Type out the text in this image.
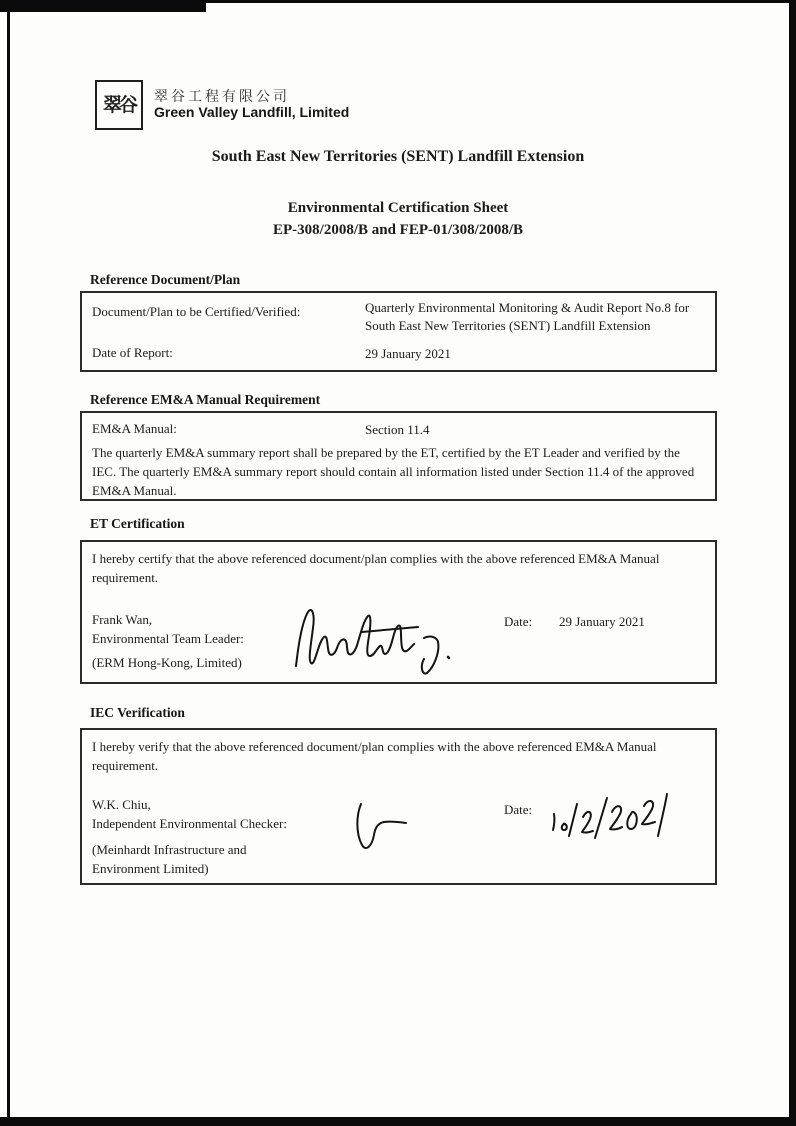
翠谷 翠谷工程有限公司
Green Valley Landfill, Limited
South East New Territories (SENT) Landfill Extension
Environmental Certification Sheet
EP-308/2008/B and FEP-01/308/2008/B
Reference Document/Plan
Document/Plan to be Certified/Verified:	Quarterly Environmental Monitoring & Audit Report No.8 for South East New Territories (SENT) Landfill Extension
Date of Report:	29 January 2021
Reference EM&A Manual Requirement
EM&A Manual:	Section 11.4
The quarterly EM&A summary report shall be prepared by the ET, certified by the ET Leader and verified by the IEC. The quarterly EM&A summary report should contain all information listed under Section 11.4 of the approved EM&A Manual.
ET Certification
I hereby certify that the above referenced document/plan complies with the above referenced EM&A Manual requirement.
Frank Wan,
Environmental Team Leader:
(ERM Hong-Kong, Limited)
Date: 29 January 2021
IEC Verification
I hereby verify that the above referenced document/plan complies with the above referenced EM&A Manual requirement.
W.K. Chiu,
Independent Environmental Checker:
(Meinhardt Infrastructure and
Environment Limited)
Date:
